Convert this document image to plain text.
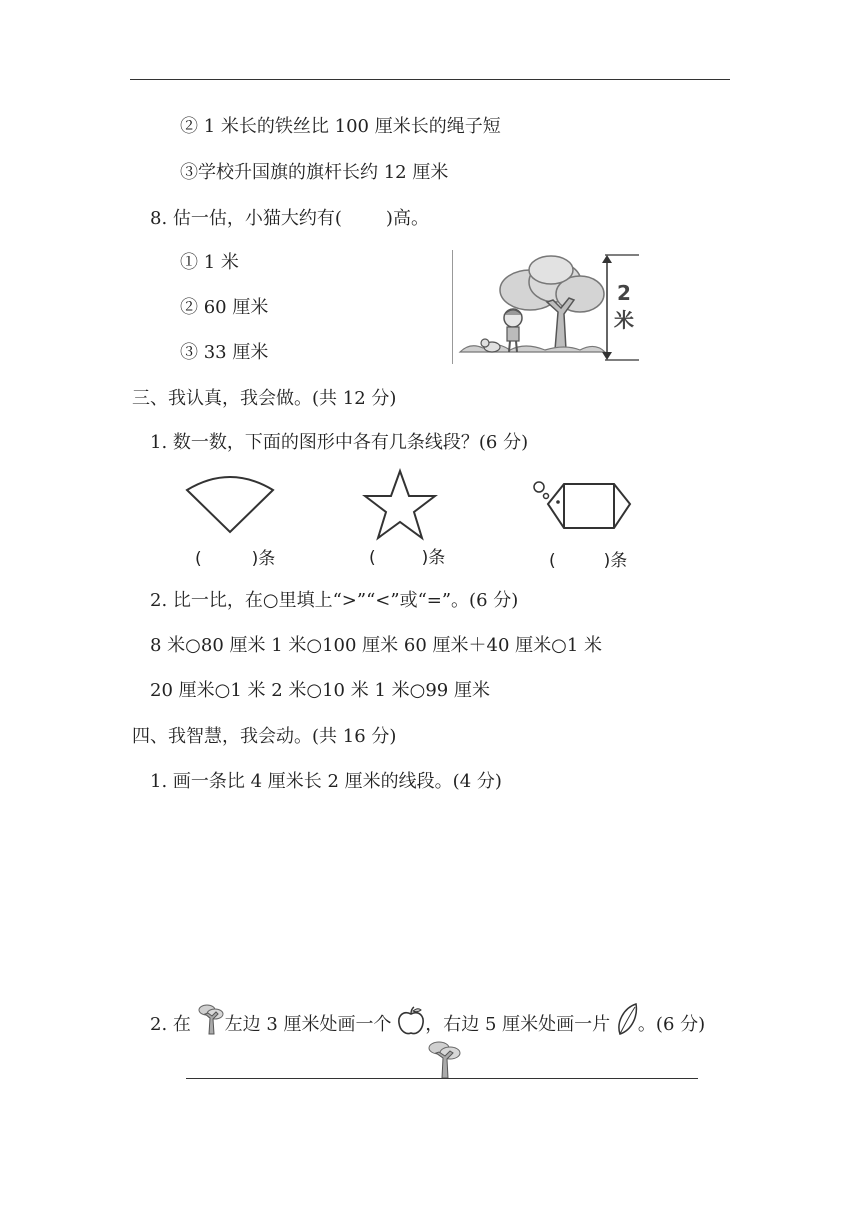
② 1 米长的铁丝比 100 厘米长的绳子短
③学校升国旗的旗杆长约 12 厘米
8. 估一估，小猫大约有( )高。
① 1 米
② 60 厘米
③ 33 厘米
2
米
三、我认真，我会做。(共 12 分)
1. 数一数，下面的图形中各有几条线段？(6 分)
(	)条	(	)条	(	)条
2. 比一比，在○里填上“>”“<”或“=”。(6 分)
8 米○80 厘米 1 米○100 厘米 60 厘米＋40 厘米○1 米
20 厘米○1 米 2 米○10 米 1 米○99 厘米
四、我智慧，我会动。(共 16 分)
1. 画一条比 4 厘米长 2 厘米的线段。(4 分)
2. 在 左边 3 厘米处画一个 ，右边 5 厘米处画一片 。(6 分)
